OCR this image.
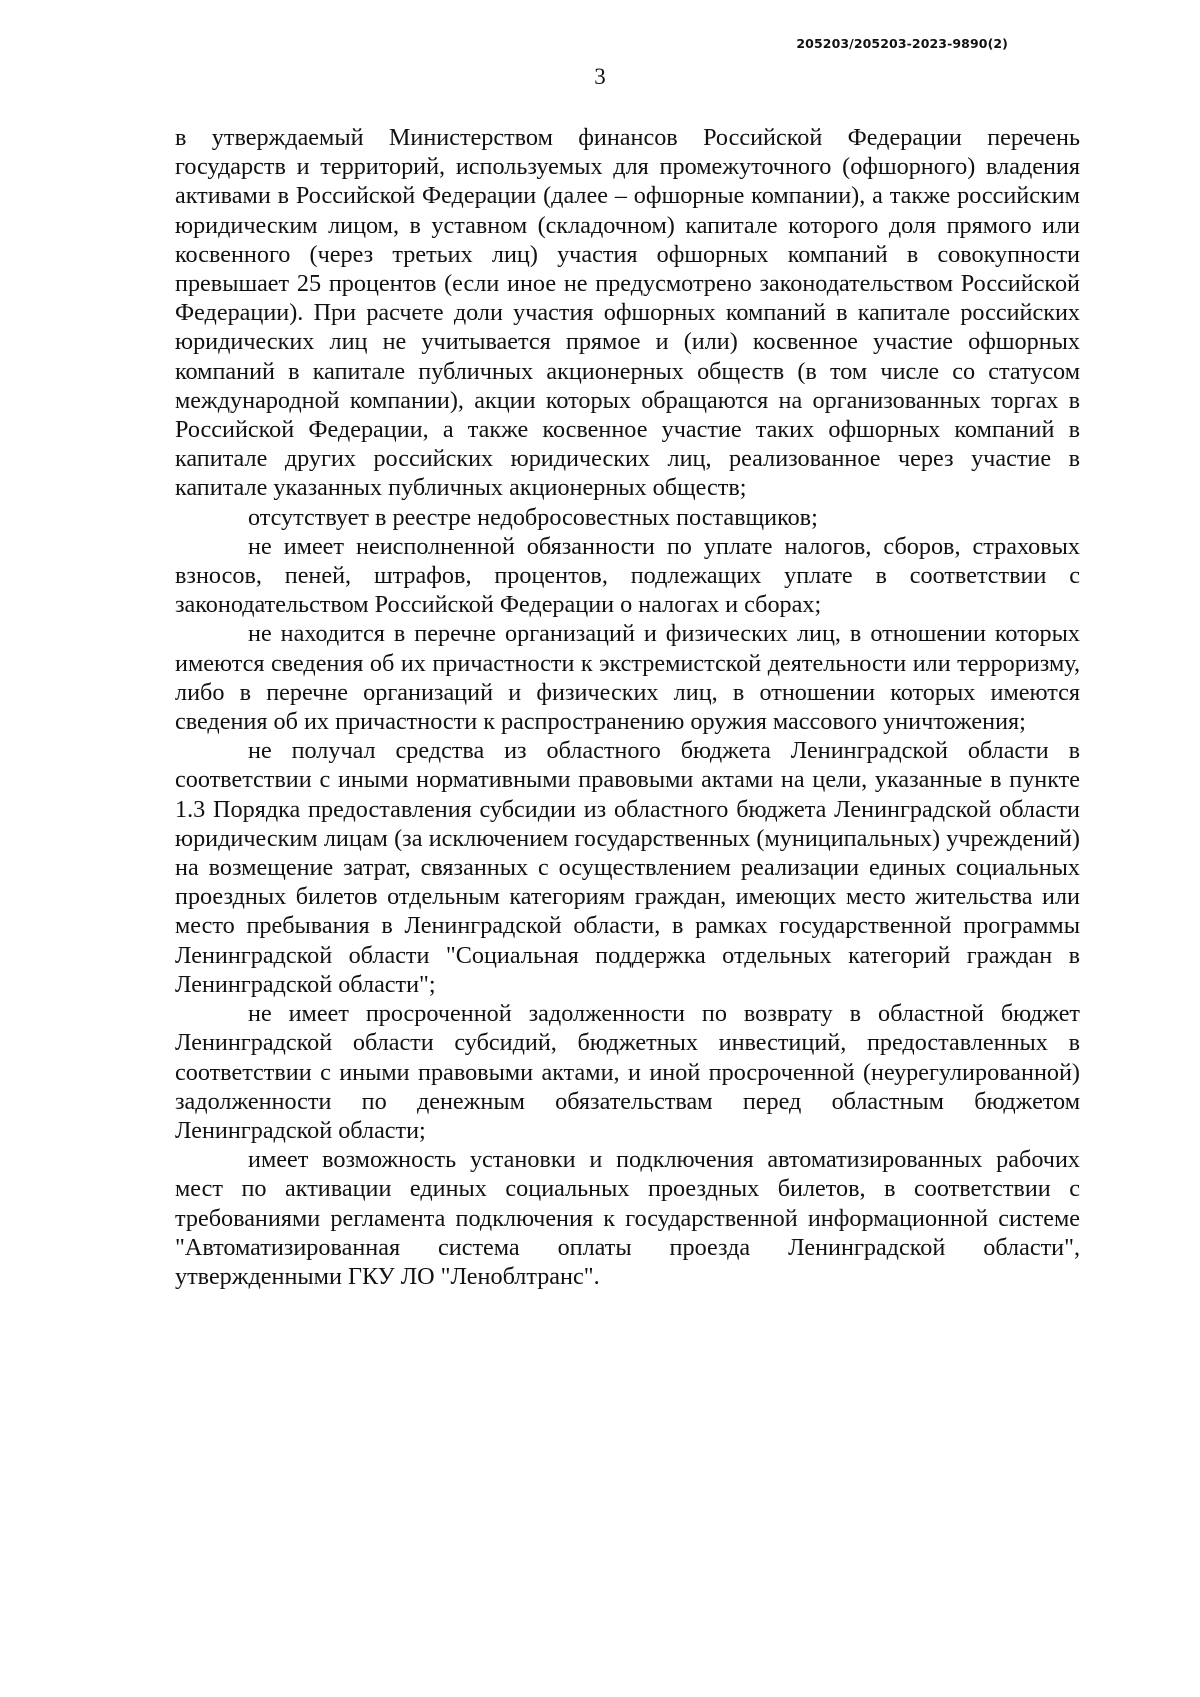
205203/205203-2023-9890(2)
3

в утверждаемый Министерством финансов Российской Федерации перечень государств и территорий, используемых для промежуточного (офшорного) владения активами в Российской Федерации (далее – офшорные компании), а также российским юридическим лицом, в уставном (складочном) капитале которого доля прямого или косвенного (через третьих лиц) участия офшорных компаний в совокупности превышает 25 процентов (если иное не предусмотрено законодательством Российской Федерации). При расчете доли участия офшорных компаний в капитале российских юридических лиц не учитывается прямое и (или) косвенное участие офшорных компаний в капитале публичных акционерных обществ (в том числе со статусом международной компании), акции которых обращаются на организованных торгах в Российской Федерации, а также косвенное участие таких офшорных компаний в капитале других российских юридических лиц, реализованное через участие в капитале указанных публичных акционерных обществ;

отсутствует в реестре недобросовестных поставщиков;

не имеет неисполненной обязанности по уплате налогов, сборов, страховых взносов, пеней, штрафов, процентов, подлежащих уплате в соответствии с законодательством Российской Федерации о налогах и сборах;

не находится в перечне организаций и физических лиц, в отношении которых имеются сведения об их причастности к экстремистской деятельности или терроризму, либо в перечне организаций и физических лиц, в отношении которых имеются сведения об их причастности к распространению оружия массового уничтожения;

не получал средства из областного бюджета Ленинградской области в соответствии с иными нормативными правовыми актами на цели, указанные в пункте 1.3 Порядка предоставления субсидии из областного бюджета Ленинградской области юридическим лицам (за исключением государственных (муниципальных) учреждений) на возмещение затрат, связанных с осуществлением реализации единых социальных проездных билетов отдельным категориям граждан, имеющих место жительства или место пребывания в Ленинградской области, в рамках государственной программы Ленинградской области "Социальная поддержка отдельных категорий граждан в Ленинградской области";

не имеет просроченной задолженности по возврату в областной бюджет Ленинградской области субсидий, бюджетных инвестиций, предоставленных в соответствии с иными правовыми актами, и иной просроченной (неурегулированной) задолженности по денежным обязательствам перед областным бюджетом Ленинградской области;

имеет возможность установки и подключения автоматизированных рабочих мест по активации единых социальных проездных билетов, в соответствии с требованиями регламента подключения к государственной информационной системе "Автоматизированная система оплаты проезда Ленинградской области", утвержденными ГКУ ЛО "Леноблтранс".
